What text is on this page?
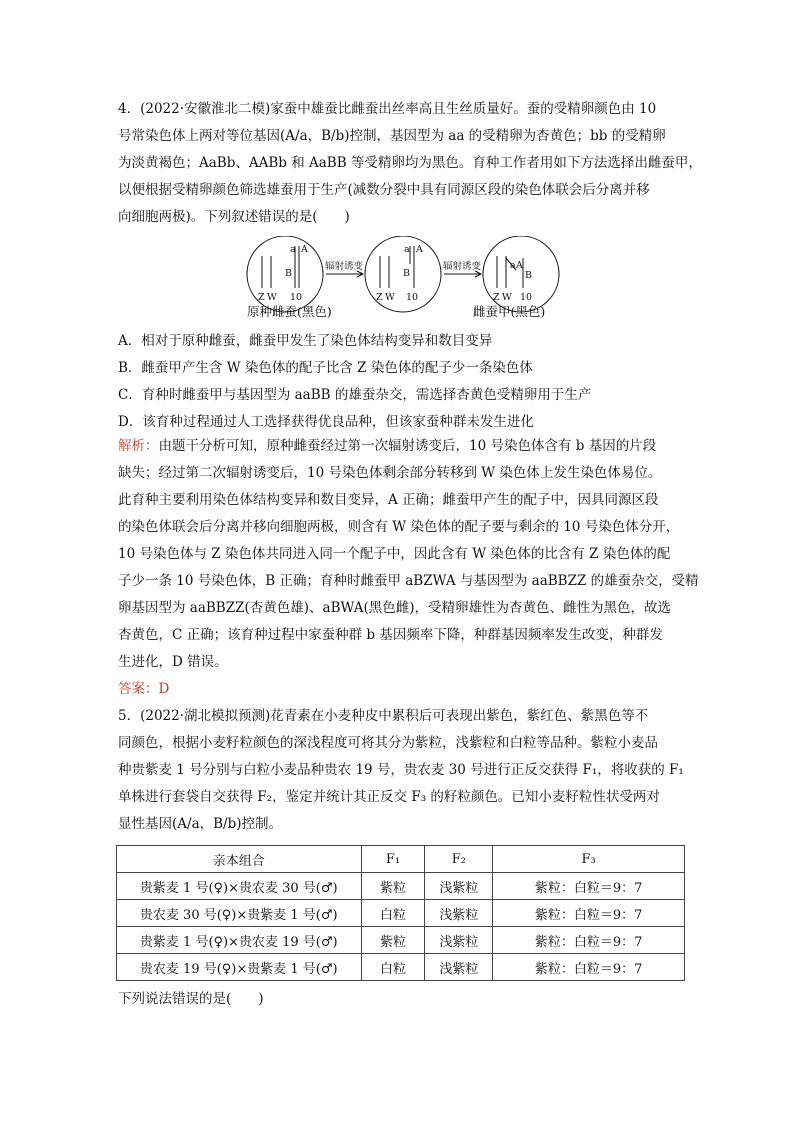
4．(2022·安徽淮北二模)家蚕中雄蚕比雌蚕出丝率高且生丝质量好。蚕的受精卵颜色由 10
号常染色体上两对等位基因(A/a，B/b)控制，基因型为 aa 的受精卵为杏黄色；bb 的受精卵
为淡黄褐色；AaBb、AABb 和 AaBB 等受精卵均为黑色。育种工作者用如下方法选择出雌蚕甲，
以便根据受精卵颜色筛选雄蚕用于生产(减数分裂中具有同源区段的染色体联会后分离并移
向细胞两极)。下列叙述错误的是(　　)
辐射诱变	辐射诱变
a A
B
a A
B
a A
B
Z W 10	Z W 10	Z W 10
原种雌蚕(黑色)	雌蚕甲(黑色)
A．相对于原种雌蚕，雌蚕甲发生了染色体结构变异和数目变异
B．雌蚕甲产生含 W 染色体的配子比含 Z 染色体的配子少一条染色体
C．育种时雌蚕甲与基因型为 aaBB 的雄蚕杂交，需选择杏黄色受精卵用于生产
D．该育种过程通过人工选择获得优良品种，但该家蚕种群未发生进化
解析：由题干分析可知，原种雌蚕经过第一次辐射诱变后，10 号染色体含有 b 基因的片段
缺失；经过第二次辐射诱变后，10 号染色体剩余部分转移到 W 染色体上发生染色体易位。
此育种主要利用染色体结构变异和数目变异，A 正确；雌蚕甲产生的配子中，因具同源区段
的染色体联会后分离并移向细胞两极，则含有 W 染色体的配子要与剩余的 10 号染色体分开，
10 号染色体与 Z 染色体共同进入同一个配子中，因此含有 W 染色体的比含有 Z 染色体的配
子少一条 10 号染色体，B 正确；育种时雌蚕甲 aBZWA 与基因型为 aaBBZZ 的雄蚕杂交，受精
卵基因型为 aaBBZZ(杏黄色雄)、aBWA(黑色雌)，受精卵雄性为杏黄色、雌性为黑色，故选
杏黄色，C 正确；该育种过程中家蚕种群 b 基因频率下降，种群基因频率发生改变，种群发
生进化，D 错误。
答案：D
5．(2022·湖北模拟预测)花青素在小麦种皮中累积后可表现出紫色，紫红色、紫黑色等不
同颜色，根据小麦籽粒颜色的深浅程度可将其分为紫粒，浅紫粒和白粒等品种。紫粒小麦品
种贵紫麦 1 号分别与白粒小麦品种贵农 19 号，贵农麦 30 号进行正反交获得 F₁，将收获的 F₁
单株进行套袋自交获得 F₂，鉴定并统计其正反交 F₃ 的籽粒颜色。已知小麦籽粒性状受两对
显性基因(A/a，B/b)控制。
亲本组合	F₁	F₂	F₃
贵紫麦 1 号(♀)×贵农麦 30 号(♂)	紫粒	浅紫粒	紫粒：白粒＝9：7
贵农麦 30 号(♀)×贵紫麦 1 号(♂)	白粒	浅紫粒	紫粒：白粒＝9：7
贵紫麦 1 号(♀)×贵农麦 19 号(♂)	紫粒	浅紫粒	紫粒：白粒＝9：7
贵农麦 19 号(♀)×贵紫麦 1 号(♂)	白粒	浅紫粒	紫粒：白粒＝9：7
下列说法错误的是(　　)
